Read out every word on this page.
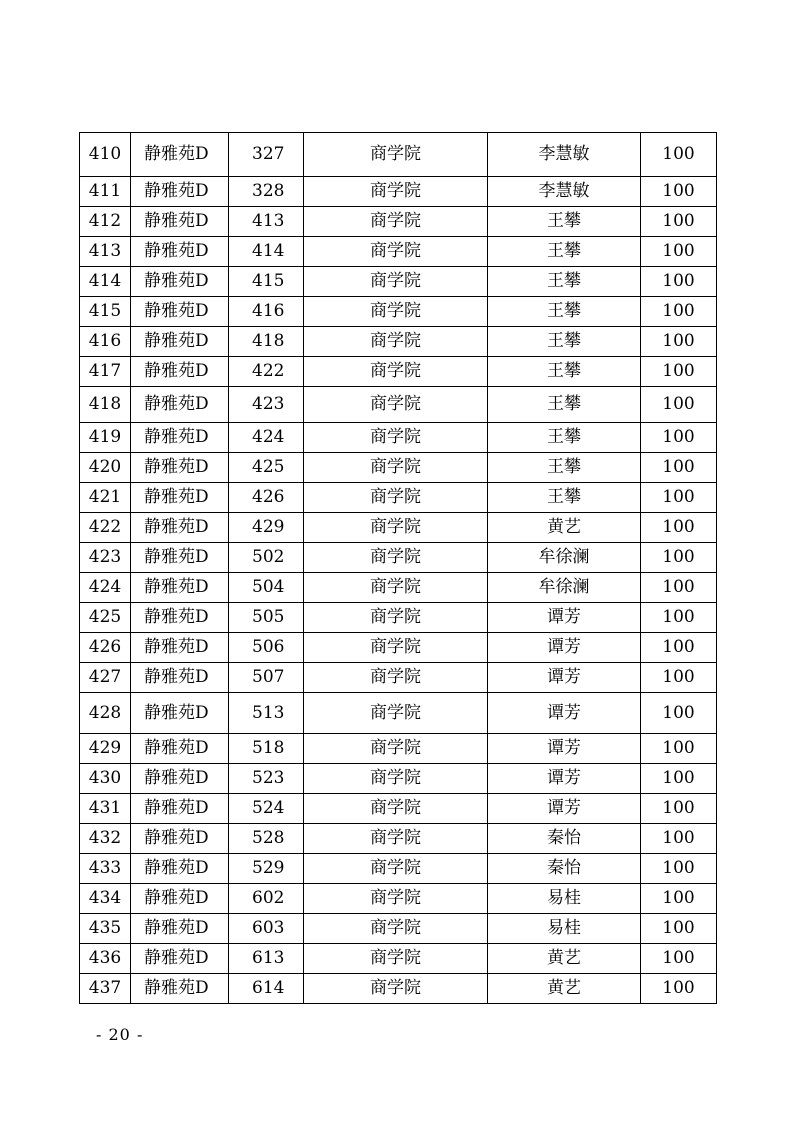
410	静雅苑D	327	商学院	李慧敏	100
411	静雅苑D	328	商学院	李慧敏	100
412	静雅苑D	413	商学院	王攀	100
413	静雅苑D	414	商学院	王攀	100
414	静雅苑D	415	商学院	王攀	100
415	静雅苑D	416	商学院	王攀	100
416	静雅苑D	418	商学院	王攀	100
417	静雅苑D	422	商学院	王攀	100
418	静雅苑D	423	商学院	王攀	100
419	静雅苑D	424	商学院	王攀	100
420	静雅苑D	425	商学院	王攀	100
421	静雅苑D	426	商学院	王攀	100
422	静雅苑D	429	商学院	黄艺	100
423	静雅苑D	502	商学院	牟徐澜	100
424	静雅苑D	504	商学院	牟徐澜	100
425	静雅苑D	505	商学院	谭芳	100
426	静雅苑D	506	商学院	谭芳	100
427	静雅苑D	507	商学院	谭芳	100
428	静雅苑D	513	商学院	谭芳	100
429	静雅苑D	518	商学院	谭芳	100
430	静雅苑D	523	商学院	谭芳	100
431	静雅苑D	524	商学院	谭芳	100
432	静雅苑D	528	商学院	秦怡	100
433	静雅苑D	529	商学院	秦怡	100
434	静雅苑D	602	商学院	易桂	100
435	静雅苑D	603	商学院	易桂	100
436	静雅苑D	613	商学院	黄艺	100
437	静雅苑D	614	商学院	黄艺	100
- 20 -
